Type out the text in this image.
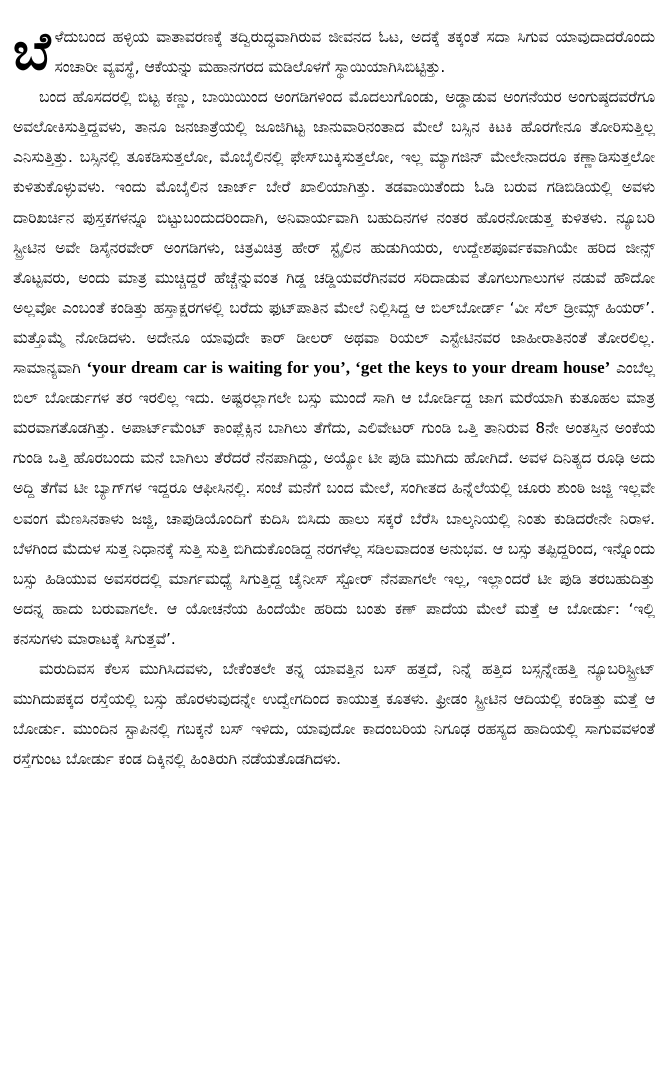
ಬೆಳೆದುಬಂದ ಹಳ್ಳಿಯ ವಾತಾವರಣಕ್ಕೆ ತದ್ವಿರುದ್ಧವಾಗಿರುವ ಜೀವನದ ಓಟ, ಅದಕ್ಕೆ ತಕ್ಕಂತೆ ಸದಾ ಸಿಗುವ ಯಾವುದಾದರೊಂದು ಸಂಚಾರೀ ವ್ಯವಸ್ಥೆ, ಆಕೆಯನ್ನು ಮಹಾನಗರದ ಮಡಿಲೊಳಗೆ ಸ್ಥಾಯಿಯಾಗಿಸಿಬಿಟ್ಟಿತ್ತು.

ಬಂದ ಹೊಸದರಲ್ಲಿ ಬಿಟ್ಟ ಕಣ್ಣು, ಬಾಯಿಯಿಂದ ಅಂಗಡಿಗಳಿಂದ ಮೊದಲುಗೊಂಡು, ಅಡ್ಡಾಡುವ ಅಂಗನೆಯರ ಅಂಗುಷ್ಠದವರೆಗೂ ಅವಲೋಕಿಸುತ್ತಿದ್ದವಳು, ತಾನೂ ಜನಜಾತ್ರೆಯಲ್ಲಿ ಜೂಜಿಗಿಟ್ಟ ಜಾನುವಾರಿನಂತಾದ ಮೇಲೆ ಬಸ್ಸಿನ ಕಿಟಕಿ ಹೊರಗೇನೂ ತೋರಿಸುತ್ತಿಲ್ಲ ಎನಿಸುತ್ತಿತ್ತು. ಬಸ್ಸಿನಲ್ಲಿ ತೂಕಡಿಸುತ್ತಲೋ, ಮೊಬೈಲಿನಲ್ಲಿ ಫೇಸ್‌ಬುಕ್ಕಿಸುತ್ತಲೋ, ಇಲ್ಲ ಮ್ಯಾಗಜಿನ್ ಮೇಲೇನಾದರೂ ಕಣ್ಣಾಡಿಸುತ್ತಲೋ ಕುಳಿತುಕೊಳ್ಳುವಳು. ಇಂದು ಮೊಬೈಲಿನ ಚಾರ್ಜ್ ಬೇರೆ ಖಾಲಿಯಾಗಿತ್ತು. ತಡವಾಯಿತೆಂದು ಓಡಿ ಬರುವ ಗಡಿಬಿಡಿಯಲ್ಲಿ ಅವಳು ದಾರಿಖರ್ಚಿನ ಪುಸ್ತಕಗಳನ್ನೂ ಬಿಟ್ಟುಬಂದುದರಿಂದಾಗಿ, ಅನಿವಾರ್ಯವಾಗಿ ಬಹುದಿನಗಳ ನಂತರ ಹೊರನೋಡುತ್ತ ಕುಳಿತಳು. ನ್ಯೂಬರಿ ಸ್ಟ್ರೀಟಿನ ಅವೇ ಡಿಸೈನರವೇರ್ ಅಂಗಡಿಗಳು, ಚಿತ್ರವಿಚಿತ್ರ ಹೇರ್ ಸ್ಟೈಲಿನ ಹುಡುಗಿಯರು, ಉದ್ದೇಶಪೂರ್ವಕವಾಗಿಯೇ ಹರಿದ ಜೀನ್ಸ್ ತೊಟ್ಟವರು, ಅಂದು ಮಾತ್ರ ಮುಚ್ಚಿದ್ದರೆ ಹೆಚ್ಚೆನ್ನುವಂತ ಗಿಡ್ಡ ಚಡ್ಡಿಯವರೆಗಿನವರ ಸರಿದಾಡುವ ತೊಗಲುಗಾಲುಗಳ ನಡುವೆ ಹೌದೋ ಅಲ್ಲವೋ ಎಂಬಂತೆ ಕಂಡಿತ್ತು ಹಸ್ತಾಕ್ಷರಗಳಲ್ಲಿ ಬರೆದು ಫುಟ್‌ಪಾತಿನ ಮೇಲೆ ನಿಲ್ಲಿಸಿದ್ದ ಆ ಬಿಲ್‌ಬೋರ್ಡ್ ‘ವೀ ಸೆಲ್ ಡ್ರೀಮ್ಸ್ ಹಿಯರ್’. ಮತ್ತೊಮ್ಮೆ ನೋಡಿದಳು. ಅದೇನೂ ಯಾವುದೇ ಕಾರ್ ಡೀಲರ್ ಅಥವಾ ರಿಯಲ್ ಎಸ್ಟೇಟಿನವರ ಜಾಹೀರಾತಿನಂತೆ ತೋರಲಿಲ್ಲ. ಸಾಮಾನ್ಯವಾಗಿ ‘your dream car is waiting for you’, ‘get the keys to your dream house’ ಎಂಬೆಲ್ಲ ಬಿಲ್ ಬೋರ್ಡುಗಳ ತರ ಇರಲಿಲ್ಲ ಇದು. ಅಷ್ಟರಲ್ಲಾಗಲೇ ಬಸ್ಸು ಮುಂದೆ ಸಾಗಿ ಆ ಬೋರ್ಡಿದ್ದ ಜಾಗ ಮರೆಯಾಗಿ ಕುತೂಹಲ ಮಾತ್ರ ಮರವಾಗತೊಡಗಿತ್ತು. ಅಪಾರ್ಟ್‌ಮೆಂಟ್ ಕಾಂಪ್ಲೆಕ್ಸಿನ ಬಾಗಿಲು ತೆಗೆದು, ಎಲಿವೇಟರ್ ಗುಂಡಿ ಒತ್ತಿ ತಾನಿರುವ 8ನೇ ಅಂತಸ್ತಿನ ಅಂಕೆಯ ಗುಂಡಿ ಒತ್ತಿ ಹೊರಬಂದು ಮನೆ ಬಾಗಿಲು ತೆರೆದರೆ ನೆನಪಾಗಿದ್ದು, ಅಯ್ಯೋ ಟೀ ಪುಡಿ ಮುಗಿದು ಹೋಗಿದೆ. ಅವಳ ದಿನಿತ್ಯದ ರೂಢಿ ಅದು ಅದ್ದಿ ತೆಗೆವ ಟೀ ಬ್ಯಾಗ್‌ಗಳ ಇದ್ದರೂ ಆಫೀಸಿನಲ್ಲಿ. ಸಂಜೆ ಮನೆಗೆ ಬಂದ ಮೇಲೆ, ಸಂಗೀತದ ಹಿನ್ನೆಲೆಯಲ್ಲಿ ಚೂರು ಶುಂಠಿ ಜಜ್ಜಿ ಇಲ್ಲವೇ ಲವಂಗ ಮೆಣಸಿನಕಾಳು ಜಜ್ಜಿ, ಚಾಪುಡಿಯೊಂದಿಗೆ ಕುದಿಸಿ ಬಿಸಿದು ಹಾಲು ಸಕ್ಕರೆ ಬೆರೆಸಿ ಬಾಲ್ಕನಿಯಲ್ಲಿ ನಿಂತು ಕುಡಿದರೇನೇ ನಿರಾಳ. ಬೆಳಗಿಂದ ಮೆದುಳ ಸುತ್ತ ನಿಧಾನಕ್ಕೆ ಸುತ್ತಿ ಸುತ್ತಿ ಬಿಗಿದುಕೊಂಡಿದ್ದ ನರಗಳೆಲ್ಲ ಸಡಿಲವಾದಂತ ಅನುಭವ. ಆ ಬಸ್ಸು ತಪ್ಪಿದ್ದರಿಂದ, ಇನ್ನೊಂದು ಬಸ್ಸು ಹಿಡಿಯುವ ಅವಸರದಲ್ಲಿ ಮಾರ್ಗಮಧ್ಯೆ ಸಿಗುತ್ತಿದ್ದ ಚೈನೀಸ್ ಸ್ಟೋರ್ ನೆನಪಾಗಲೇ ಇಲ್ಲ, ಇಲ್ಲಾಂದರೆ ಟೀ ಪುಡಿ ತರಬಹುದಿತ್ತು ಅದನ್ನ ಹಾದು ಬರುವಾಗಲೇ. ಆ ಯೋಚನೆಯ ಹಿಂದೆಯೇ ಹರಿದು ಬಂತು ಕಣ್ ಪಾದೆಯ ಮೇಲೆ ಮತ್ತೆ ಆ ಬೋರ್ಡು: ‘ಇಲ್ಲಿ ಕನಸುಗಳು ಮಾರಾಟಕ್ಕೆ ಸಿಗುತ್ತವೆ’.

ಮರುದಿವಸ ಕೆಲಸ ಮುಗಿಸಿದವಳು, ಬೇಕೆಂತಲೇ ತನ್ನ ಯಾವತ್ತಿನ ಬಸ್ ಹತ್ತದೆ, ನಿನ್ನೆ ಹತ್ತಿದ ಬಸ್ಸನ್ನೇಹತ್ತಿ ನ್ಯೂಬರಿಸ್ಟ್ರೀಟ್ ಮುಗಿದುಪಕ್ಕದ ರಸ್ತೆಯಲ್ಲಿ ಬಸ್ಸು ಹೊರಳುವುದನ್ನೇ ಉದ್ವೇಗದಿಂದ ಕಾಯುತ್ತ ಕೂತಳು. ಫ್ರೀಡಂ ಸ್ಟ್ರೀಟಿನ ಆದಿಯಲ್ಲಿ ಕಂಡಿತ್ತು ಮತ್ತೆ ಆ ಬೋರ್ಡು. ಮುಂದಿನ ಸ್ಟಾಪಿನಲ್ಲಿ ಗಬಕ್ಕನೆ ಬಸ್ ಇಳಿದು, ಯಾವುದೋ ಕಾದಂಬರಿಯ ನಿಗೂಢ ರಹಸ್ಯದ ಹಾದಿಯಲ್ಲಿ ಸಾಗುವವಳಂತೆ ರಸ್ತೆಗುಂಟ ಬೋರ್ಡು ಕಂಡ ದಿಕ್ಕಿನಲ್ಲಿ ಹಿಂತಿರುಗಿ ನಡೆಯತೊಡಗಿದಳು.
